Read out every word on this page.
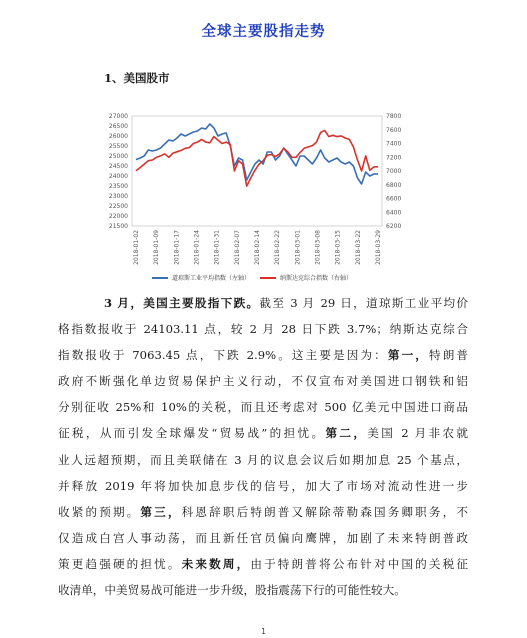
全球主要股指走势
1、美国股市
27000
26500
26000
25500
25000
24500
24000
23500
23000
22500
22000
21500
7800
7600
7400
7200
7000
6800
6600
6400
6200
2018-01-02 2018-01-09 2018-01-17 2018-01-24 2018-01-31 2018-02-07 2018-02-14 2018-02-22 2018-03-01 2018-03-08 2018-03-15 2018-03-22 2018-03-29
道琼斯工业平均指数（左轴）	纳斯达克综合指数（右轴）
3 月，美国主要股指下跌。截至 3 月 29 日，道琼斯工业平均价
格指数报收于 24103.11 点，较 2 月 28 日下跌 3.7%；纳斯达克综合
指数报收于 7063.45 点，下跌 2.9%。这主要是因为：第一，特朗普
政府不断强化单边贸易保护主义行动，不仅宣布对美国进口钢铁和铝
分别征收 25%和 10%的关税，而且还考虑对 500 亿美元中国进口商品
征税，从而引发全球爆发“贸易战”的担忧。第二，美国 2 月非农就
业人远超预期，而且美联储在 3 月的议息会议后如期加息 25 个基点，
并释放 2019 年将加快加息步伐的信号，加大了市场对流动性进一步
收紧的预期。第三，科恩辞职后特朗普又解除蒂勒森国务卿职务，不
仅造成白宫人事动荡，而且新任官员偏向鹰牌，加剧了未来特朗普政
策更趋强硬的担忧。未来数周，由于特朗普将公布针对中国的关税征
收清单，中美贸易战可能进一步升级，股指震荡下行的可能性较大。
1
